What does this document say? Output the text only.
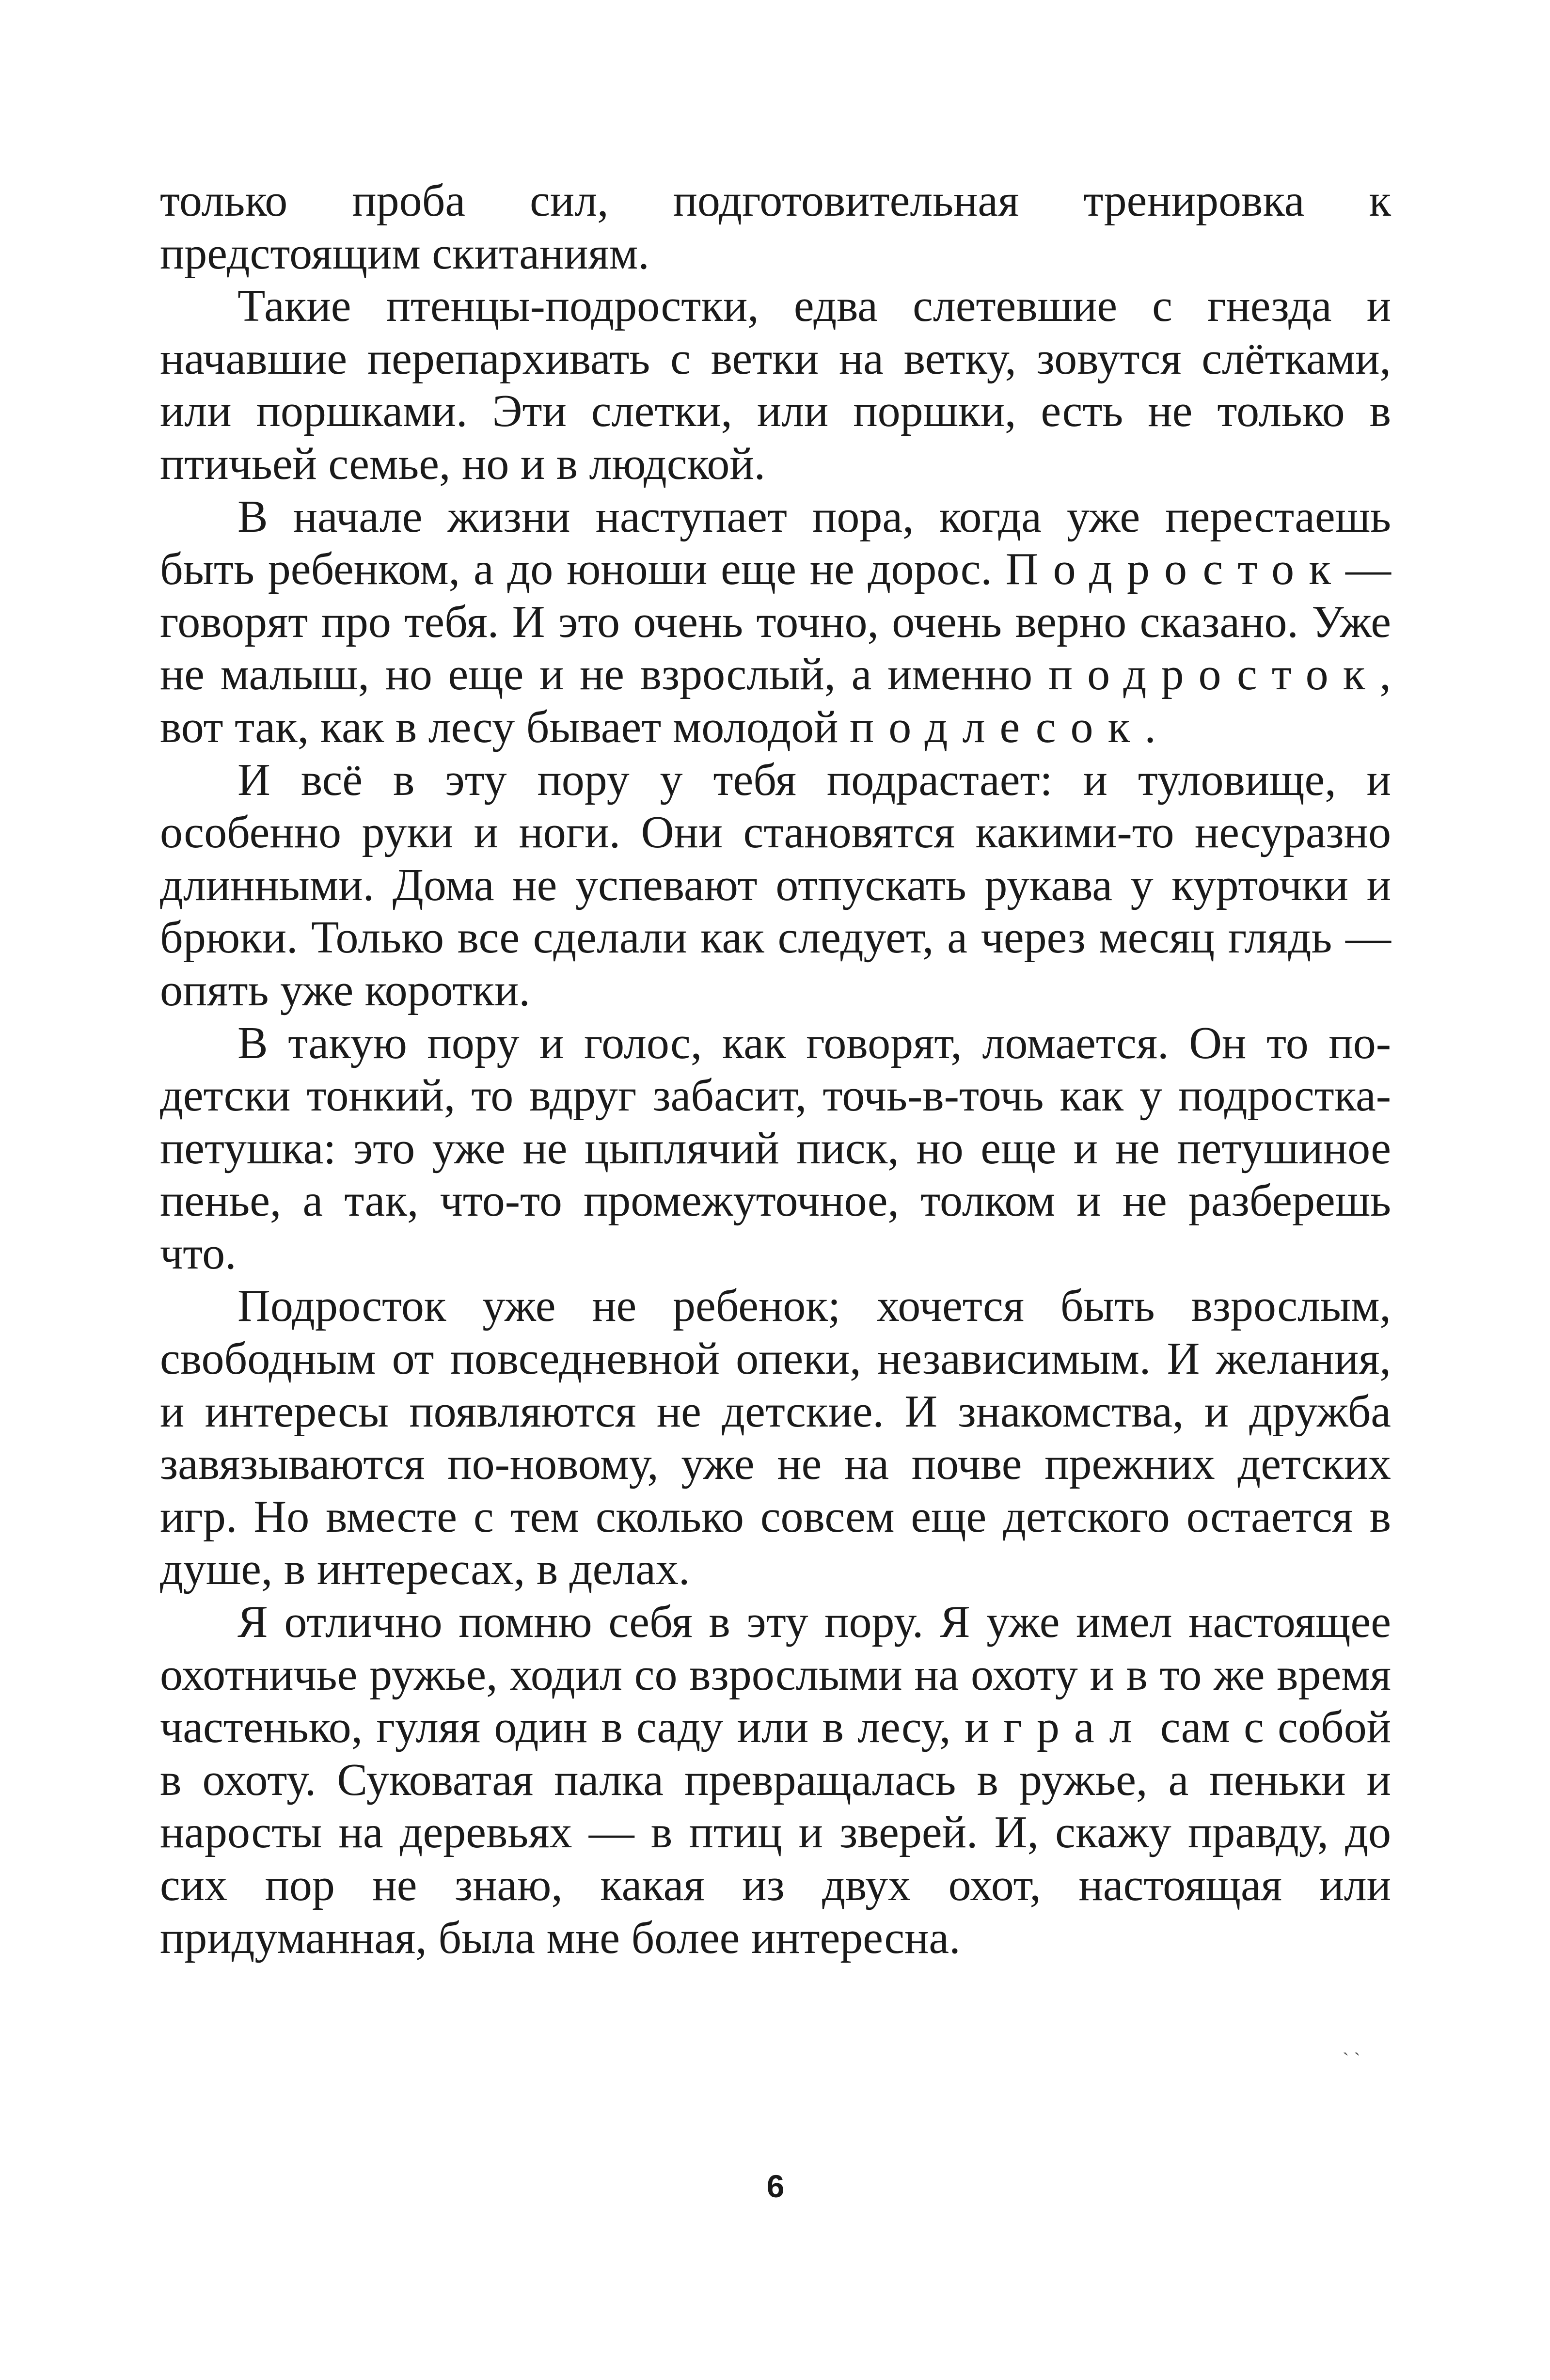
только проба сил, подготовительная тренировка к предстоящим скитаниям.

Такие птенцы-подростки, едва слетевшие с гнезда и начавшие перепархивать с ветки на ветку, зовутся слётками, или поршками. Эти слетки, или поршки, есть не только в птичьей семье, но и в людской.

В начале жизни наступает пора, когда уже перестаешь быть ребенком, а до юноши еще не дорос. Подросток—говорят про тебя. И это очень точно, очень верно сказано. Уже не малыш, но еще и не взрослый, а именно подросток, вот так, как в лесу бывает молодой подлесок.

И всё в эту пору у тебя подрастает: и туловище, и особенно руки и ноги. Они становятся какими-то несуразно длинными. Дома не успевают отпускать рукава у курточки и брюки. Только все сделали как следует, а через месяц глядь — опять уже коротки.

В такую пору и голос, как говорят, ломается. Он то по-детски тонкий, то вдруг забасит, точь-в-точь как у подростка-петушка: это уже не цыплячий писк, но еще и не петушиное пенье, а так, что-то промежуточное, толком и не разберешь что.

Подросток уже не ребенок; хочется быть взрослым, свободным от повседневной опеки, независимым. И желания, и интересы появляются не детские. И знакомства, и дружба завязываются по-новому, уже не на почве прежних детских игр. Но вместе с тем сколько совсем еще детского остается в душе, в интересах, в делах.

Я отлично помню себя в эту пору. Я уже имел настоящее охотничье ружье, ходил со взрослыми на охоту и в то же время частенько, гуляя один в саду или в лесу, играл сам с собой в охоту. Суковатая палка превращалась в ружье, а пеньки и наросты на деревьях — в птиц и зверей. И, скажу правду, до сих пор не знаю, какая из двух охот, настоящая или придуманная, была мне более интересна.

ˎ ˏ
6
